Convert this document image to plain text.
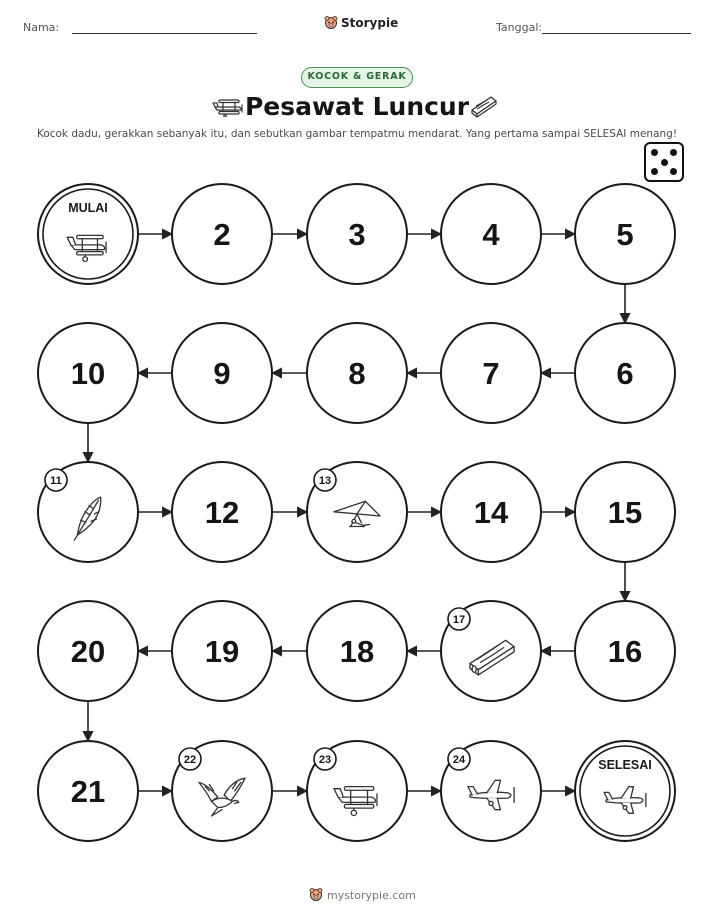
Nama:	Storypie	Tanggal:
KOCOK & GERAK
Pesawat Luncur
Kocok dadu, gerakkan sebanyak itu, dan sebutkan gambar tempatmu mendarat. Yang pertama sampai SELESAI menang!
MULAI
2	3	4	5
6
7
8
9
10
11
12
13
14	15
16
17
18
19
20
21
22	23	24	SELESAI
mystorypie.com
